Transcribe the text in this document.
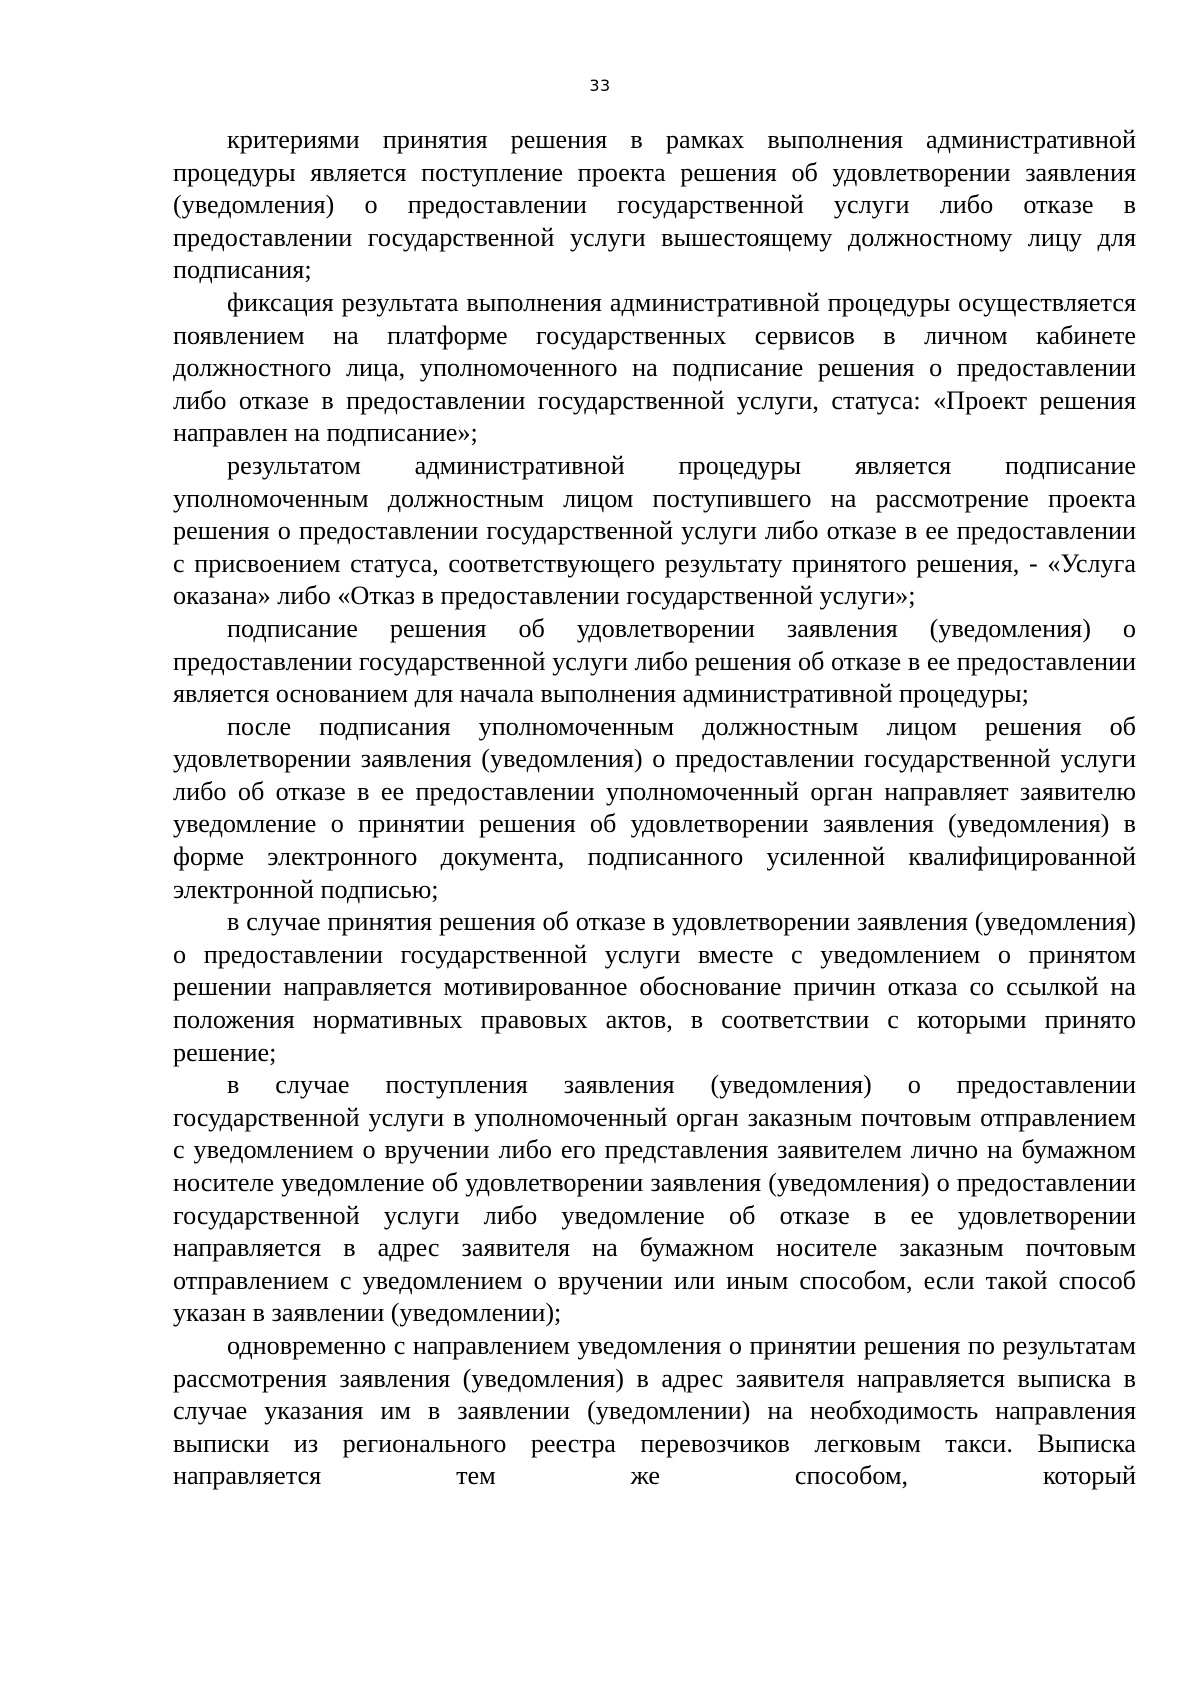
33

критериями принятия решения в рамках выполнения административной процедуры является поступление проекта решения об удовлетворении заявления (уведомления) о предоставлении государственной услуги либо отказе в предоставлении государственной услуги вышестоящему должностному лицу для подписания;

фиксация результата выполнения административной процедуры осуществляется появлением на платформе государственных сервисов в личном кабинете должностного лица, уполномоченного на подписание решения о предоставлении либо отказе в предоставлении государственной услуги, статуса: «Проект решения направлен на подписание»;

результатом административной процедуры является подписание уполномоченным должностным лицом поступившего на рассмотрение проекта решения о предоставлении государственной услуги либо отказе в ее предоставлении с присвоением статуса, соответствующего результату принятого решения, - «Услуга оказана» либо «Отказ в предоставлении государственной услуги»;

подписание решения об удовлетворении заявления (уведомления) о предоставлении государственной услуги либо решения об отказе в ее предоставлении является основанием для начала выполнения административной процедуры;

после подписания уполномоченным должностным лицом решения об удовлетворении заявления (уведомления) о предоставлении государственной услуги либо об отказе в ее предоставлении уполномоченный орган направляет заявителю уведомление о принятии решения об удовлетворении заявления (уведомления) в форме электронного документа, подписанного усиленной квалифицированной электронной подписью;

в случае принятия решения об отказе в удовлетворении заявления (уведомления) о предоставлении государственной услуги вместе с уведомлением о принятом решении направляется мотивированное обоснование причин отказа со ссылкой на положения нормативных правовых актов, в соответствии с которыми принято решение;

в случае поступления заявления (уведомления) о предоставлении государственной услуги в уполномоченный орган заказным почтовым отправлением с уведомлением о вручении либо его представления заявителем лично на бумажном носителе уведомление об удовлетворении заявления (уведомления) о предоставлении государственной услуги либо уведомление об отказе в ее удовлетворении направляется в адрес заявителя на бумажном носителе заказным почтовым отправлением с уведомлением о вручении или иным способом, если такой способ указан в заявлении (уведомлении);

одновременно с направлением уведомления о принятии решения по результатам рассмотрения заявления (уведомления) в адрес заявителя направляется выписка в случае указания им в заявлении (уведомлении) на необходимость направления выписки из регионального реестра перевозчиков легковым такси. Выписка направляется тем же способом, который
